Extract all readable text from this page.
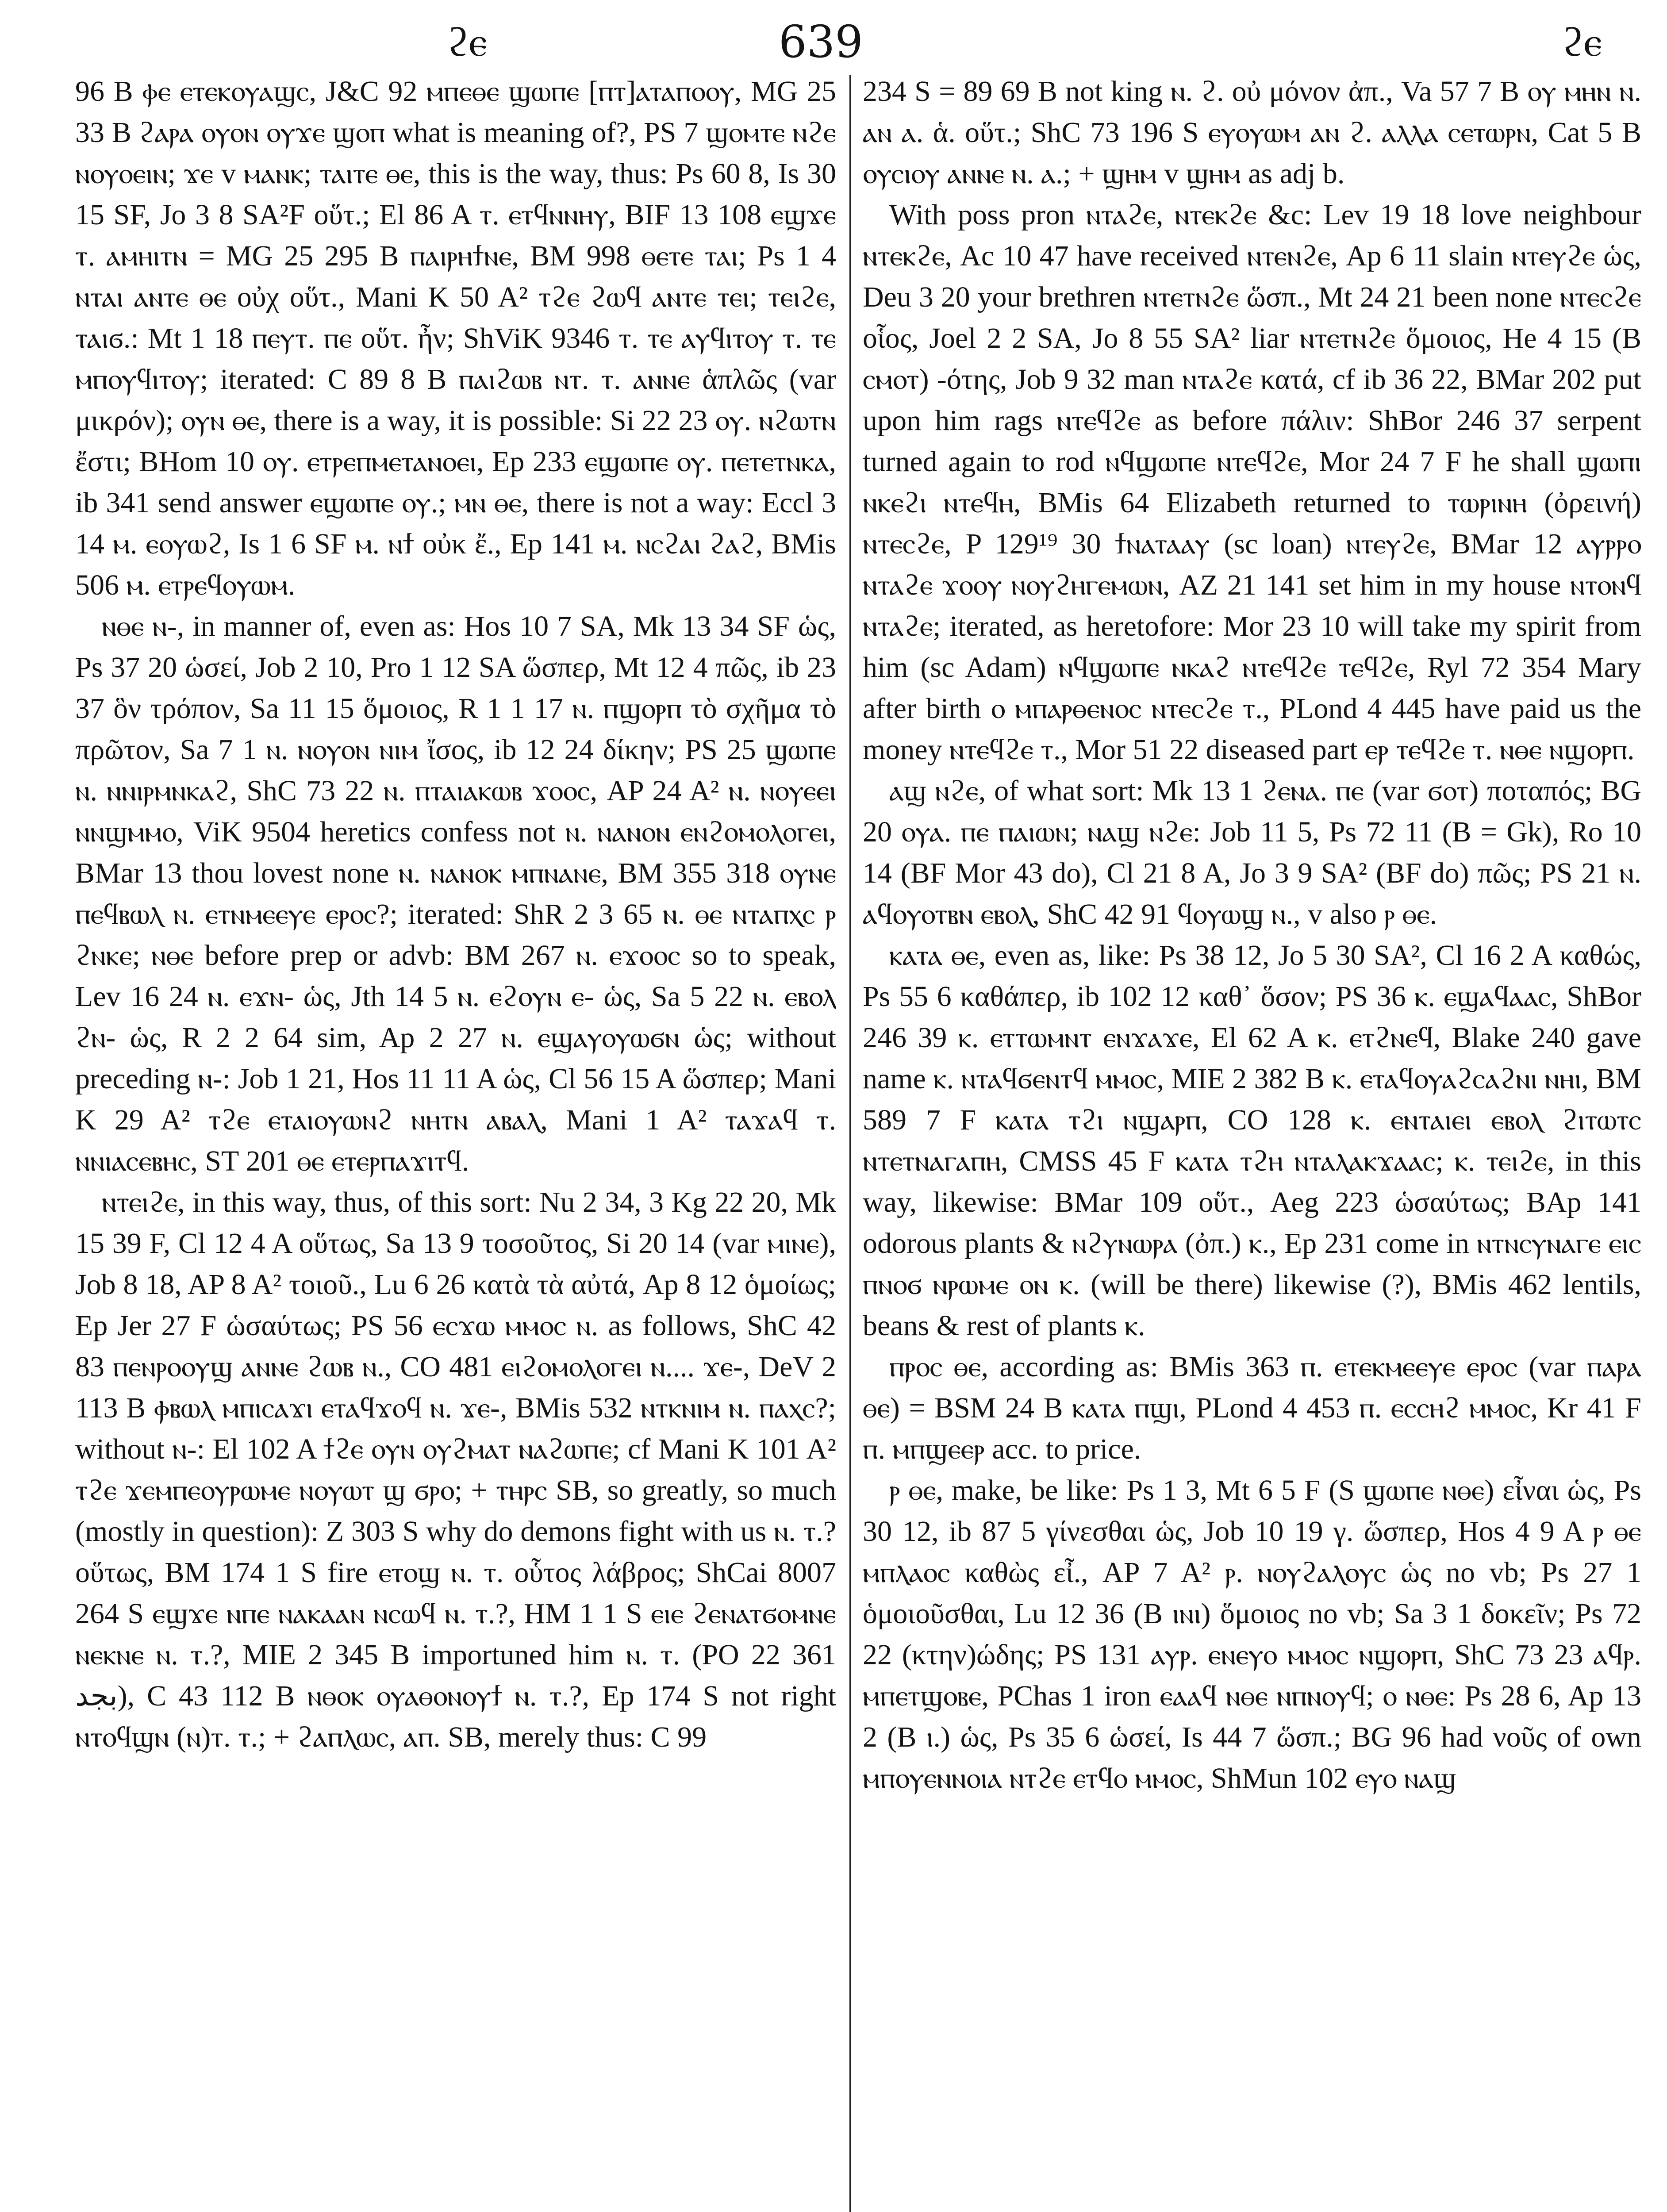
ϩⲉ	639	ϩⲉ

96 B ⲫⲉ ⲉⲧⲉⲕⲟⲩⲁϣⲥ, J&C 92 ⲙⲡⲉⲑⲉ ϣⲱⲡⲉ [ⲡⲧ]ⲁⲧⲁⲡⲟⲟⲩ, MG 25 33 B ϩⲁⲣⲁ ⲟⲩⲟⲛ ⲟⲩϫⲉ ϣⲟⲡ what is meaning of?, PS 7 ϣⲟⲙⲧⲉ ⲛϩⲉ ⲛⲟⲩⲟⲉⲓⲛ; ϫⲉ v ⲙⲁⲛⲕ; ⲧⲁⲓⲧⲉ ⲑⲉ, this is the way, thus: Ps 60 8, Is 30 15 SF, Jo 3 8 SA²F οὕτ.; El 86 A ⲧ. ⲉⲧϥⲛⲛⲏⲩ, BIF 13 108 ⲉϣϫⲉ ⲧ. ⲁⲙⲏⲓⲧⲛ = MG 25 295 B ⲡⲁⲓⲣⲏϯⲛⲉ, BM 998 ⲑⲉⲧⲉ ⲧⲁⲓ; Ps 1 4 ⲛⲧⲁⲓ ⲁⲛⲧⲉ ⲑⲉ οὐχ οὕτ., Mani K 50 A² ⲧϩⲉ ϩⲱϥ ⲁⲛⲧⲉ ⲧⲉⲓ; ⲧⲉⲓϩⲉ, ⲧⲁⲓϭ.: Mt 1 18 ⲡⲉⲩⲧ. ⲡⲉ οὕτ. ἦν; ShViK 9346 ⲧ. ⲧⲉ ⲁⲩϥⲓⲧⲟⲩ ⲧ. ⲧⲉ ⲙⲡⲟⲩϥⲓⲧⲟⲩ; iterated: C 89 8 B ⲡⲁⲓϩⲱⲃ ⲛⲧ. ⲧ. ⲁⲛⲛⲉ ἁπλῶς (var μικρόν); ⲟⲩⲛ ⲑⲉ, there is a way, it is possible: Si 22 23 ⲟⲩ. ⲛϩⲱⲧⲛ ἔστι; BHom 10 ⲟⲩ. ⲉⲧⲣⲉⲡⲙⲉⲧⲁⲛⲟⲉⲓ, Ep 233 ⲉϣⲱⲡⲉ ⲟⲩ. ⲡⲉⲧⲉⲧⲛⲕⲁ, ib 341 send answer ⲉϣⲱⲡⲉ ⲟⲩ.; ⲙⲛ ⲑⲉ, there is not a way: Eccl 3 14 ⲙ. ⲉⲟⲩⲱϩ, Is 1 6 SF ⲙ. ⲛϯ οὐκ ἔ., Ep 141 ⲙ. ⲛⲥϩⲁⲓ ϩⲁϩ, BMis 506 ⲙ. ⲉⲧⲣⲉϥⲟⲩⲱⲙ.

ⲛⲑⲉ ⲛ-, in manner of, even as: Hos 10 7 SA, Mk 13 34 SF ὡς, Ps 37 20 ὡσεί, Job 2 10, Pro 1 12 SA ὥσπερ, Mt 12 4 πῶς, ib 23 37 ὃν τρόπον, Sa 11 15 ὅμοιος, R 1 1 17 ⲛ. ⲡϣⲟⲣⲡ τὸ σχῆμα τὸ πρῶτον, Sa 7 1 ⲛ. ⲛⲟⲩⲟⲛ ⲛⲓⲙ ἴσος, ib 12 24 δίκην; PS 25 ϣⲱⲡⲉ ⲛ. ⲛⲛⲓⲣⲙⲛⲕⲁϩ, ShC 73 22 ⲛ. ⲡⲧⲁⲓⲁⲕⲱⲃ ϫⲟⲟⲥ, AP 24 A² ⲛ. ⲛⲟⲩⲉⲉⲓ ⲛⲛϣⲙⲙⲟ, ViK 9504 heretics confess not ⲛ. ⲛⲁⲛⲟⲛ ⲉⲛϩⲟⲙⲟⲗⲟⲅⲉⲓ, BMar 13 thou lovest none ⲛ. ⲛⲁⲛⲟⲕ ⲙⲡⲛⲁⲛⲉ, BM 355 318 ⲟⲩⲛⲉ ⲡⲉϥⲃⲱⲗ ⲛ. ⲉⲧⲛⲙⲉⲉⲩⲉ ⲉⲣⲟⲥ?; iterated: ShR 2 3 65 ⲛ. ⲑⲉ ⲛⲧⲁⲡⲭⲥ ⲣ ϩⲛⲕⲉ; ⲛⲑⲉ before prep or advb: BM 267 ⲛ. ⲉϫⲟⲟⲥ so to speak, Lev 16 24 ⲛ. ⲉϫⲛ- ὡς, Jth 14 5 ⲛ. ⲉϩⲟⲩⲛ ⲉ- ὡς, Sa 5 22 ⲛ. ⲉⲃⲟⲗ ϩⲛ- ὡς, R 2 2 64 sim, Ap 2 27 ⲛ. ⲉϣⲁⲩⲟⲩⲱϭⲛ ὡς; without preceding ⲛ-: Job 1 21, Hos 11 11 A ὡς, Cl 56 15 A ὥσπερ; Mani K 29 A² ⲧϩⲉ ⲉⲧⲁⲓⲟⲩⲱⲛϩ ⲛⲏⲧⲛ ⲁⲃⲁⲗ, Mani 1 A² ⲧⲁϫⲁϥ ⲧ. ⲛⲛⲓⲁⲥⲉⲃⲏⲥ, ST 201 ⲑⲉ ⲉⲧⲉⲣⲡⲁϫⲓⲧϥ.

ⲛⲧⲉⲓϩⲉ, in this way, thus, of this sort: Nu 2 34, 3 Kg 22 20, Mk 15 39 F, Cl 12 4 A οὕτως, Sa 13 9 τοσοῦτος, Si 20 14 (var ⲙⲓⲛⲉ), Job 8 18, AP 8 A² τοιοῦ., Lu 6 26 κατὰ τὰ αὐτά, Ap 8 12 ὁμοίως; Ep Jer 27 F ὡσαύτως; PS 56 ⲉⲥϫⲱ ⲙⲙⲟⲥ ⲛ. as follows, ShC 42 83 ⲡⲉⲛⲣⲟⲟⲩϣ ⲁⲛⲛⲉ ϩⲱⲃ ⲛ., CO 481 ⲉⲓϩⲟⲙⲟⲗⲟⲅⲉⲓ ⲛ.... ϫⲉ-, DeV 2 113 B ⲫⲃⲱⲗ ⲙⲡⲓⲥⲁϫⲓ ⲉⲧⲁϥϫⲟϥ ⲛ. ϫⲉ-, BMis 532 ⲛⲧⲕⲛⲓⲙ ⲛ. ⲡⲁⲭⲥ?; without ⲛ-: El 102 A ϯϩⲉ ⲟⲩⲛ ⲟⲩϩⲙⲁⲧ ⲛⲁϩⲱⲡⲉ; cf Mani K 101 A² ⲧϩⲉ ϫⲉⲙⲡⲉⲟⲩⲣⲱⲙⲉ ⲛⲟⲩⲱⲧ ϣ ϭⲣⲟ; + ⲧⲏⲣⲥ SB, so greatly, so much (mostly in question): Z 303 S why do demons fight with us ⲛ. ⲧ.? οὕτως, BM 174 1 S fire ⲉⲧⲟϣ ⲛ. ⲧ. οὗτος λάβρος; ShCai 8007 264 S ⲉϣϫⲉ ⲛⲡⲉ ⲛⲁⲕⲁⲁⲛ ⲛⲥⲱϥ ⲛ. ⲧ.?, HM 1 1 S ⲉⲓⲉ ϩⲉⲛⲁⲧϭⲟⲙⲛⲉ ⲛⲉⲕⲛⲉ ⲛ. ⲧ.?, MIE 2 345 B importuned him ⲛ. ⲧ. (PO 22 361 ﺑﺠﺪ), C 43 112 B ⲛⲑⲟⲕ ⲟⲩⲁⲑⲟⲛⲟⲩϯ ⲛ. ⲧ.?, Ep 174 S not right ⲛⲧⲟϥϣⲛ (ⲛ)ⲧ. ⲧ.; + ϩⲁⲡⲗⲱⲥ, ⲁⲡ. SB, merely thus: C 99

234 S = 89 69 B not king ⲛ. ϩ. οὐ μόνον ἀπ., Va 57 7 B ⲟⲩ ⲙⲏⲛ ⲛ. ⲁⲛ ⲁ. ἁ. οὕτ.; ShC 73 196 S ⲉⲩⲟⲩⲱⲙ ⲁⲛ ϩ. ⲁⲗⲗⲁ ⲥⲉⲧⲱⲣⲛ, Cat 5 B ⲟⲩⲥⲓⲟⲩ ⲁⲛⲛⲉ ⲛ. ⲁ.; + ϣⲏⲙ v ϣⲏⲙ as adj b.

With poss pron ⲛⲧⲁϩⲉ, ⲛⲧⲉⲕϩⲉ &c: Lev 19 18 love neighbour ⲛⲧⲉⲕϩⲉ, Ac 10 47 have received ⲛⲧⲉⲛϩⲉ, Ap 6 11 slain ⲛⲧⲉⲩϩⲉ ὡς, Deu 3 20 your brethren ⲛⲧⲉⲧⲛϩⲉ ὥσπ., Mt 24 21 been none ⲛⲧⲉⲥϩⲉ οἷος, Joel 2 2 SA, Jo 8 55 SA² liar ⲛⲧⲉⲧⲛϩⲉ ὅμοιος, He 4 15 (B ⲥⲙⲟⲧ) -ότης, Job 9 32 man ⲛⲧⲁϩⲉ κατά, cf ib 36 22, BMar 202 put upon him rags ⲛⲧⲉϥϩⲉ as before πάλιν: ShBor 246 37 serpent turned again to rod ⲛϥϣⲱⲡⲉ ⲛⲧⲉϥϩⲉ, Mor 24 7 F he shall ϣⲱⲡⲓ ⲛⲕⲉϩⲓ ⲛⲧⲉϥⲏ, BMis 64 Elizabeth returned to ⲧⲱⲣⲓⲛⲏ (ὀρεινή) ⲛⲧⲉⲥϩⲉ, P 129¹⁹ 30 ϯⲛⲁⲧⲁⲁⲩ (sc loan) ⲛⲧⲉⲩϩⲉ, BMar 12 ⲁⲩⲣⲣⲟ ⲛⲧⲁϩⲉ ϫⲟⲟⲩ ⲛⲟⲩϩⲏⲅⲉⲙⲱⲛ, AZ 21 141 set him in my house ⲛⲧⲟⲛϥ ⲛⲧⲁϩⲉ; iterated, as heretofore: Mor 23 10 will take my spirit from him (sc Adam) ⲛϥϣⲱⲡⲉ ⲛⲕⲁϩ ⲛⲧⲉϥϩⲉ ⲧⲉϥϩⲉ, Ryl 72 354 Mary after birth ⲟ ⲙⲡⲁⲣⲑⲉⲛⲟⲥ ⲛⲧⲉⲥϩⲉ ⲧ., PLond 4 445 have paid us the money ⲛⲧⲉϥϩⲉ ⲧ., Mor 51 22 diseased part ⲉⲣ ⲧⲉϥϩⲉ ⲧ. ⲛⲑⲉ ⲛϣⲟⲣⲡ.

ⲁϣ ⲛϩⲉ, of what sort: Mk 13 1 ϩⲉⲛⲁ. ⲡⲉ (var ϭⲟⲧ) ποταπός; BG 20 ⲟⲩⲁ. ⲡⲉ ⲡⲁⲓⲱⲛ; ⲛⲁϣ ⲛϩⲉ: Job 11 5, Ps 72 11 (B = Gk), Ro 10 14 (BF Mor 43 do), Cl 21 8 A, Jo 3 9 SA² (BF do) πῶς; PS 21 ⲛ. ⲁϥⲟⲩⲟⲧⲃⲛ ⲉⲃⲟⲗ, ShC 42 91 ϥⲟⲩⲱϣ ⲛ., v also ⲣ ⲑⲉ.

ⲕⲁⲧⲁ ⲑⲉ, even as, like: Ps 38 12, Jo 5 30 SA², Cl 16 2 A καθώς, Ps 55 6 καθάπερ, ib 102 12 καθ᾽ ὅσον; PS 36 ⲕ. ⲉϣⲁϥⲁⲁⲥ, ShBor 246 39 ⲕ. ⲉⲧⲧⲱⲙⲛⲧ ⲉⲛϫⲁϫⲉ, El 62 A ⲕ. ⲉⲧϩⲛⲉϥ, Blake 240 gave name ⲕ. ⲛⲧⲁϥϭⲉⲛⲧϥ ⲙⲙⲟⲥ, MIE 2 382 B ⲕ. ⲉⲧⲁϥⲟⲩⲁϩⲥⲁϩⲛⲓ ⲛⲏⲓ, BM 589 7 F ⲕⲁⲧⲁ ⲧϩⲓ ⲛϣⲁⲣⲡ, CO 128 ⲕ. ⲉⲛⲧⲁⲓⲉⲓ ⲉⲃⲟⲗ ϩⲓⲧⲱⲧⲥ ⲛⲧⲉⲧⲛⲁⲅⲁⲡⲏ, CMSS 45 F ⲕⲁⲧⲁ ⲧϩⲏ ⲛⲧⲁⲗⲁⲕϫⲁⲁⲥ; ⲕ. ⲧⲉⲓϩⲉ, in this way, likewise: BMar 109 οὕτ., Aeg 223 ὡσαύτως; BAp 141 odorous plants & ⲛϩⲩⲛⲱⲣⲁ (ὀπ.) ⲕ., Ep 231 come in ⲛⲧⲛⲥⲩⲛⲁⲅⲉ ⲉⲓⲥ ⲡⲛⲟϭ ⲛⲣⲱⲙⲉ ⲟⲛ ⲕ. (will be there) likewise (?), BMis 462 lentils, beans & rest of plants ⲕ.

ⲡⲣⲟⲥ ⲑⲉ, according as: BMis 363 ⲡ. ⲉⲧⲉⲕⲙⲉⲉⲩⲉ ⲉⲣⲟⲥ (var ⲡⲁⲣⲁ ⲑⲉ) = BSM 24 B ⲕⲁⲧⲁ ⲡϣⲓ, PLond 4 453 ⲡ. ⲉⲥⲥⲏϩ ⲙⲙⲟⲥ, Kr 41 F ⲡ. ⲙⲡϣⲉⲉⲣ acc. to price.

ⲣ ⲑⲉ, make, be like: Ps 1 3, Mt 6 5 F (S ϣⲱⲡⲉ ⲛⲑⲉ) εἶναι ὡς, Ps 30 12, ib 87 5 γίνεσθαι ὡς, Job 10 19 γ. ὥσπερ, Hos 4 9 A ⲣ ⲑⲉ ⲙⲡⲗⲁⲟⲥ καθὼς εἶ., AP 7 A² ⲣ. ⲛⲟⲩϩⲁⲗⲟⲩⲥ ὡς no vb; Ps 27 1 ὁμοιοῦσθαι, Lu 12 36 (B ⲓⲛⲓ) ὅμοιος no vb; Sa 3 1 δοκεῖν; Ps 72 22 (κτην)ώδης; PS 131 ⲁⲩⲣ. ⲉⲛⲉⲩⲟ ⲙⲙⲟⲥ ⲛϣⲟⲣⲡ, ShC 73 23 ⲁϥⲣ. ⲙⲡⲉⲧϣⲟⲃⲉ, PChas 1 iron ⲉⲁⲁϥ ⲛⲑⲉ ⲛⲡⲛⲟⲩϥ; ⲟ ⲛⲑⲉ: Ps 28 6, Ap 13 2 (B ⲓ.) ὡς, Ps 35 6 ὡσεί, Is 44 7 ὥσπ.; BG 96 had νοῦς of own ⲙⲡⲟⲩⲉⲛⲛⲟⲓⲁ ⲛⲧϩⲉ ⲉⲧϥⲟ ⲙⲙⲟⲥ, ShMun 102 ⲉⲩⲟ ⲛⲁϣ
